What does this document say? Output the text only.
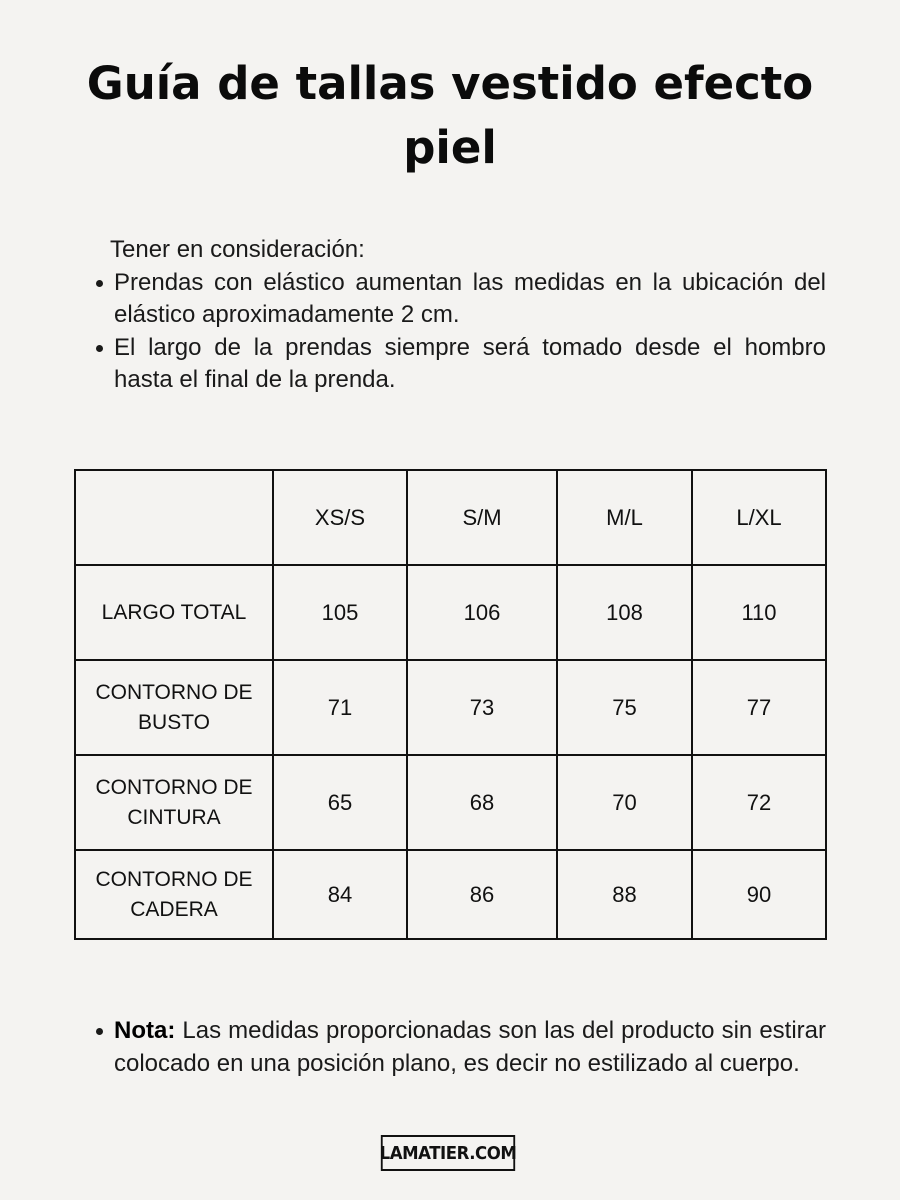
Guía de tallas vestido efecto piel
Tener en consideración:
Prendas con elástico aumentan las medidas en la ubicación del elástico aproximadamente 2 cm.
El largo de la prendas siempre será tomado desde el hombro hasta el final de la prenda.
	XS/S	S/M	M/L	L/XL
LARGO TOTAL	105	106	108	110
CONTORNO DE BUSTO	71	73	75	77
CONTORNO DE CINTURA	65	68	70	72
CONTORNO DE CADERA	84	86	88	90
Nota: Las medidas proporcionadas son las del producto sin estirar colocado en una posición plano, es decir no estilizado al cuerpo.
LAMATIER.COM
